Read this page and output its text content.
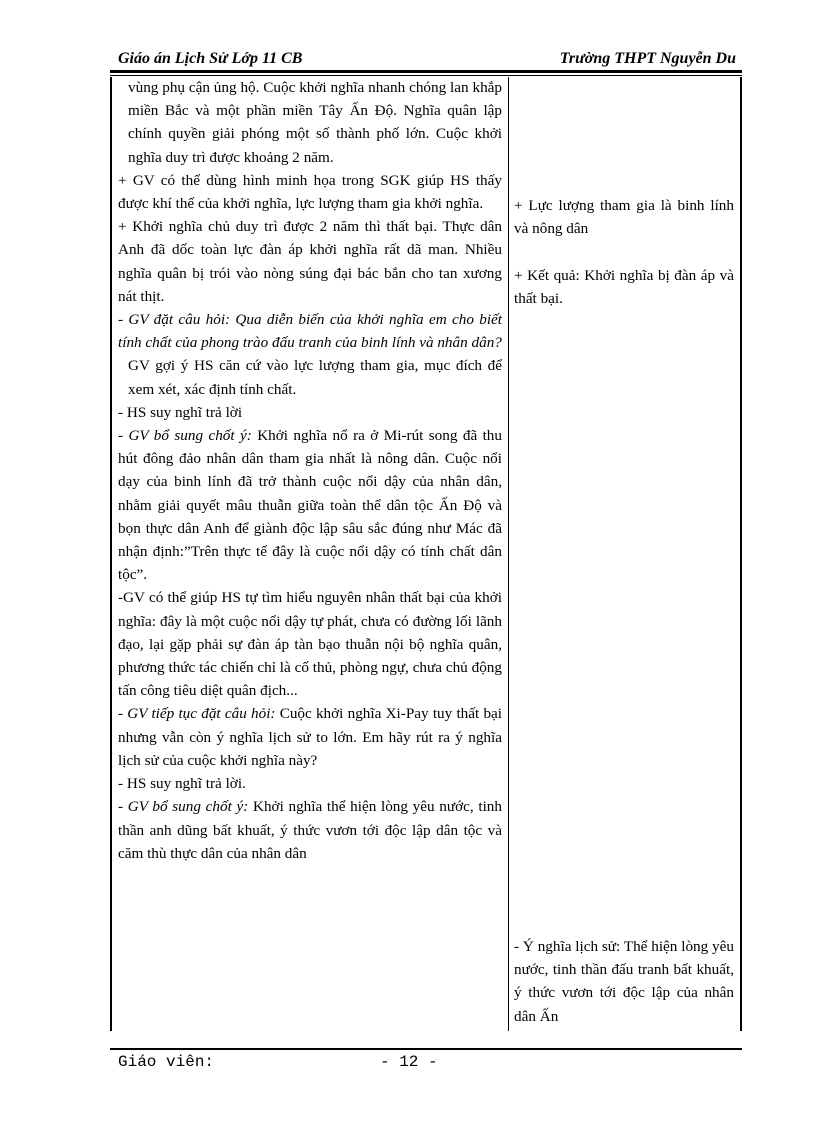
Giáo án Lịch Sử Lớp 11 CB	Trường THPT Nguyễn Du
vùng phụ cận ủng hộ. Cuộc khởi nghĩa nhanh chóng lan khắp miền Bắc và một phần miền Tây Ấn Độ. Nghĩa quân lập chính quyền giải phóng một số thành phố lớn. Cuộc khởi nghĩa duy trì được khoảng 2 năm.
+ GV có thể dùng hình minh họa trong SGK giúp HS thấy được khí thế của khởi nghĩa, lực lượng tham gia khởi nghĩa.
+ Khởi nghĩa chủ duy trì được 2 năm thì thất bại. Thực dân Anh đã dốc toàn lực đàn áp khởi nghĩa rất dã man. Nhiều nghĩa quân bị trói vào nòng súng đại bác bắn cho tan xương nát thịt.
- GV đặt câu hỏi: Qua diễn biến của khởi nghĩa em cho biết tính chất của phong trào đấu tranh của binh lính và nhân dân?
GV gợi ý HS căn cứ vào lực lượng tham gia, mục đích để xem xét, xác định tính chất.
- HS suy nghĩ trả lời
- GV bổ sung chốt ý: Khởi nghĩa nổ ra ở Mi-rút song đã thu hút đông đảo nhân dân tham gia nhất là nông dân. Cuộc nổi dạy của binh lính đã trở thành cuộc nổi dậy của nhân dân, nhằm giải quyết mâu thuẫn giữa toàn thể dân tộc Ấn Độ và bọn thực dân Anh để giành độc lập sâu sắc đúng như Mác đã nhận định:”Trên thực tế đây là cuộc nổi dậy có tính chất dân tộc”.
-GV có thể giúp HS tự tìm hiểu nguyên nhân thất bại của khởi nghĩa: đây là một cuộc nổi dậy tự phát, chưa có đường lối lãnh đạo, lại gặp phải sự đàn áp tàn bạo thuẫn nội bộ nghĩa quân, phương thức tác chiến chỉ là cố thủ, phòng ngự, chưa chủ động tấn công tiêu diệt quân địch...
- GV tiếp tục đặt câu hỏi: Cuộc khởi nghĩa Xi-Pay tuy thất bại nhưng vẫn còn ý nghĩa lịch sử to lớn. Em hãy rút ra ý nghĩa lịch sử của cuộc khởi nghĩa này?
- HS suy nghĩ trả lời.
- GV bổ sung chốt ý: Khởi nghĩa thể hiện lòng yêu nước, tinh thần anh dũng bất khuất, ý thức vươn tới độc lập dân tộc và căm thù thực dân của nhân dân
+ Lực lượng tham gia là binh lính và nông dân
+ Kết quả: Khởi nghĩa bị đàn áp và thất bại.
- Ý nghĩa lịch sử: Thể hiện lòng yêu nước, tinh thần đấu tranh bất khuất, ý thức vươn tới độc lập của nhân dân Ấn
Giáo viên:	- 12 -
